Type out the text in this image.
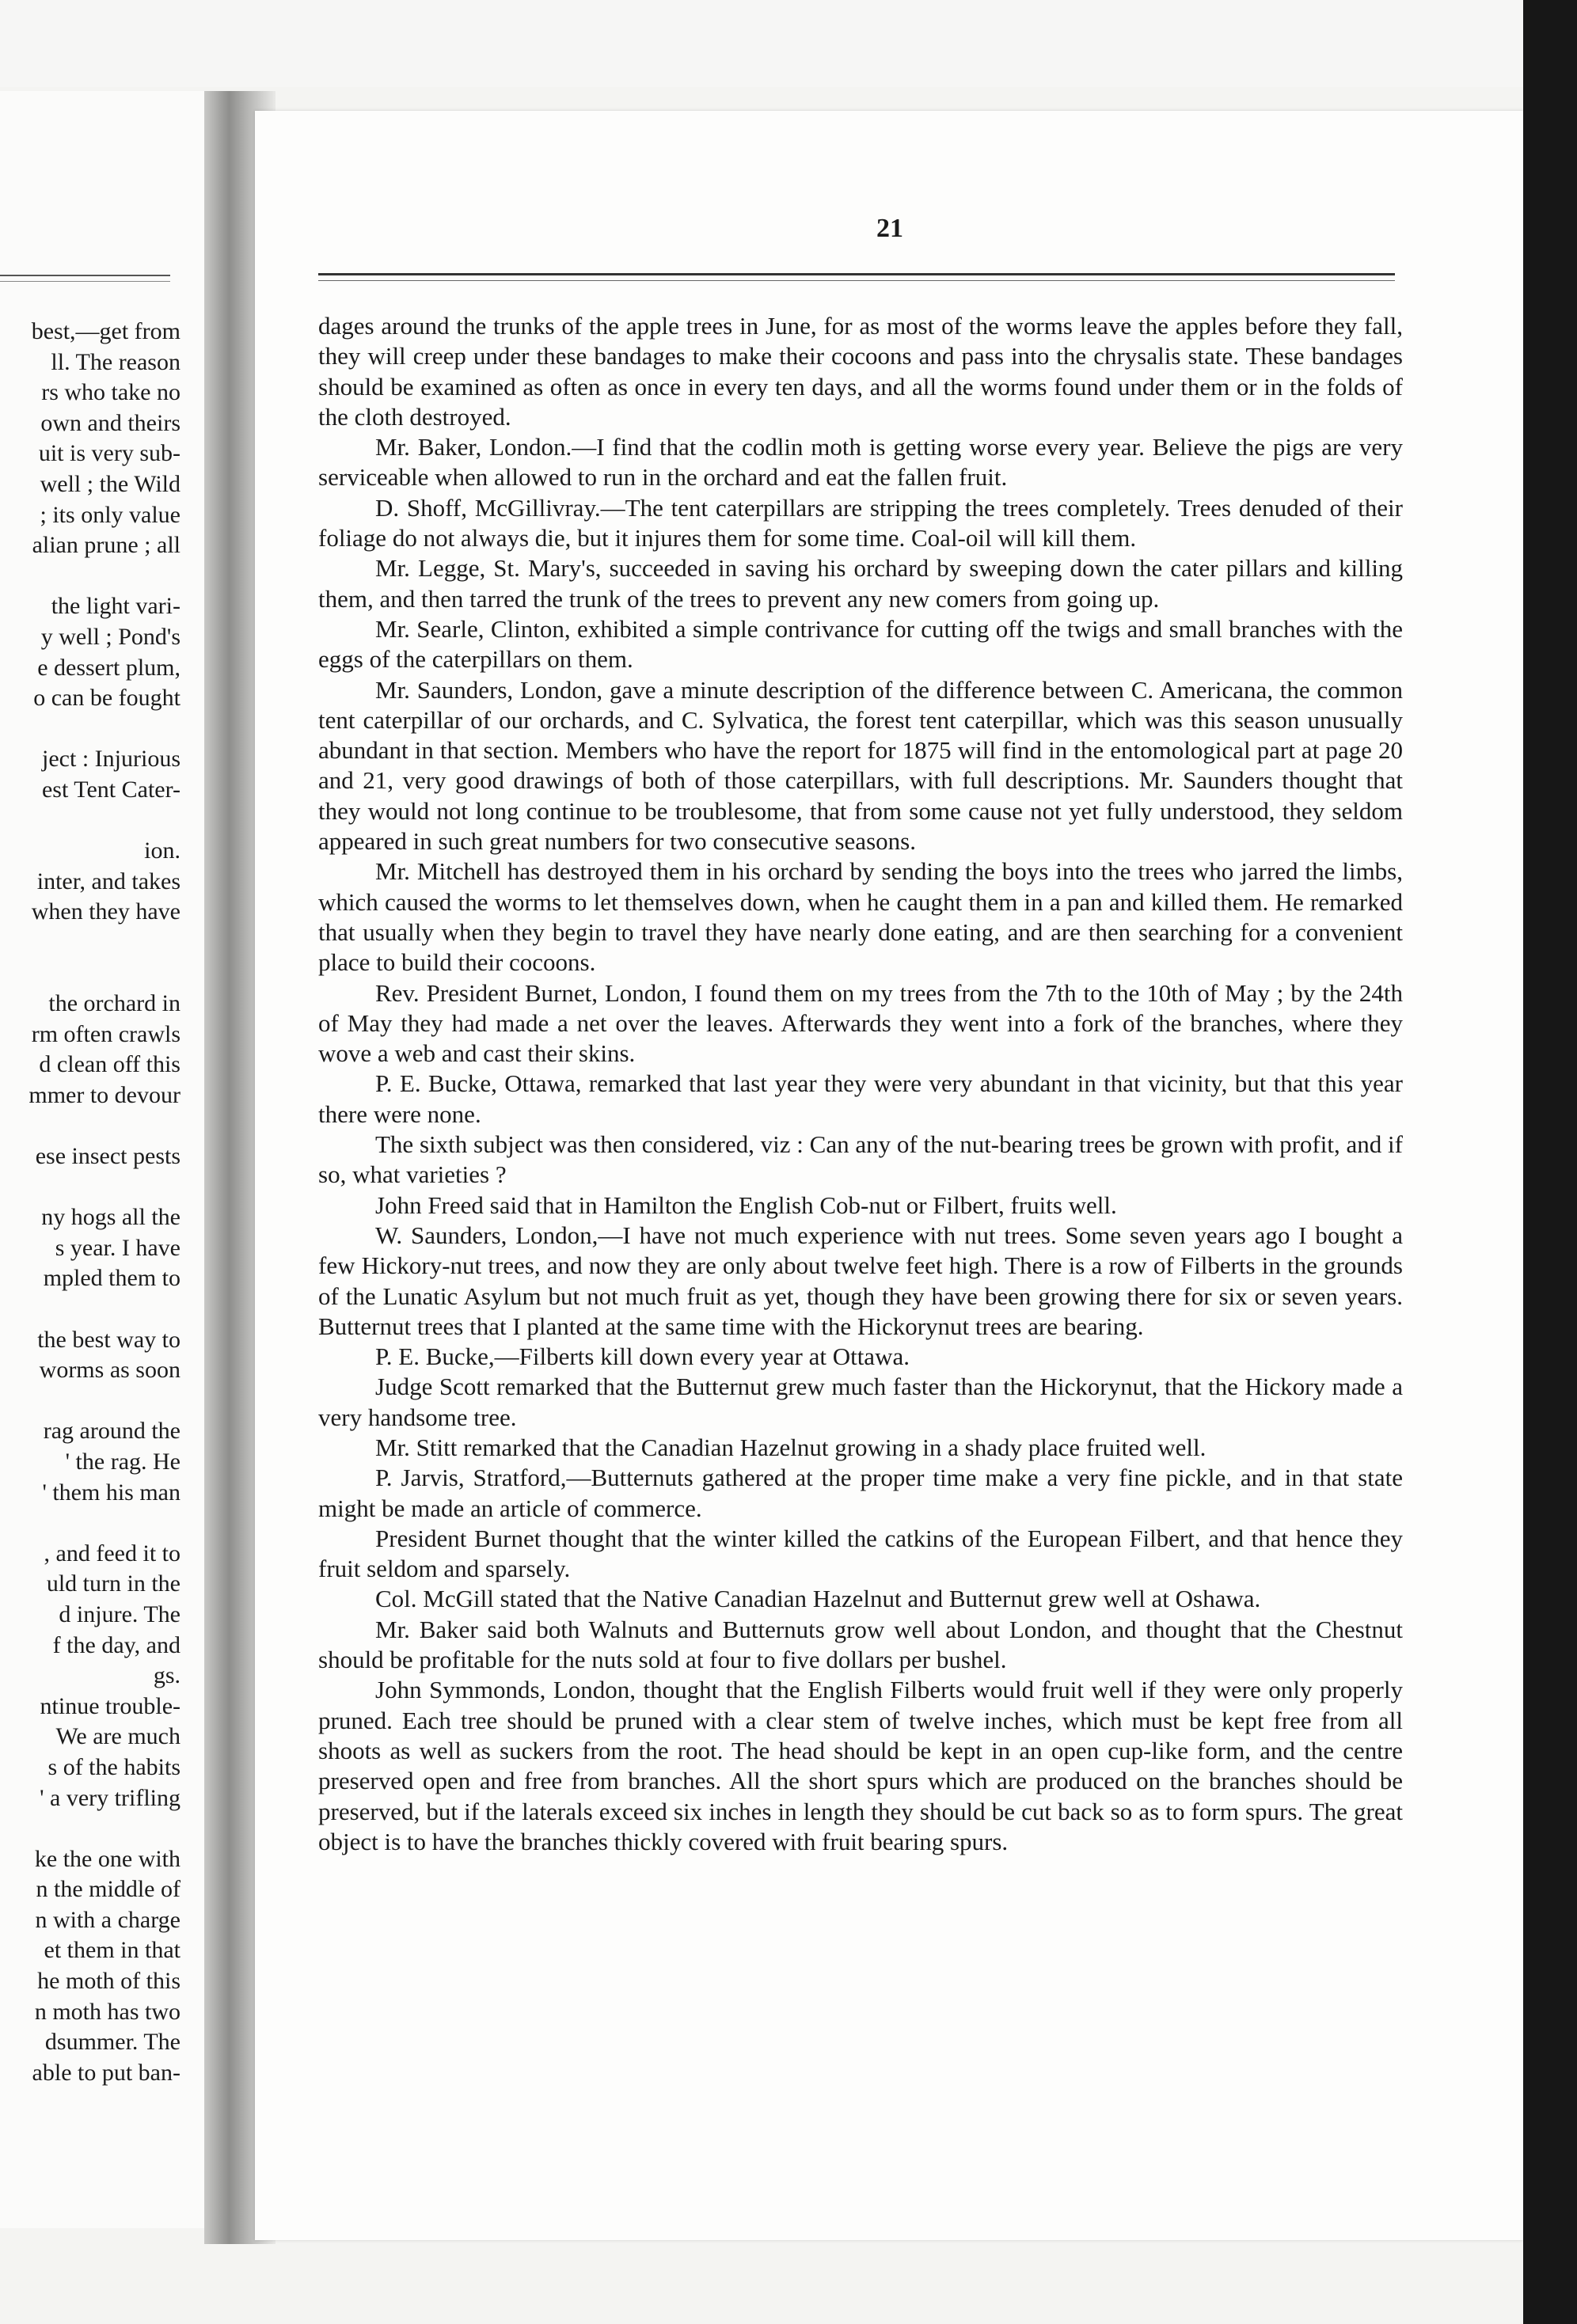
best,—get from
ll. The reason
rs who take no
own and theirs
uit is very sub-
well ; the Wild
; its only value
alian prune ; all
the light vari-
y well ; Pond's
e dessert plum,
o can be fought
ject : Injurious
est Tent Cater-
ion.
inter, and takes
when they have
the orchard in
rm often crawls
d clean off this
mmer to devour
ese insect pests
ny hogs all the
s year. I have
mpled them to
the best way to
worms as soon
rag around the
' the rag. He
' them his man
, and feed it to
uld turn in the
d injure. The
f the day, and
gs.
ntinue trouble-
We are much
s of the habits
' a very trifling
ke the one with
n the middle of
n with a charge
et them in that
he moth of this
n moth has two
dsummer. The
able to put ban-
21

dages around the trunks of the apple trees in June, for as most of the worms leave the apples before they fall, they will creep under these bandages to make their cocoons and pass into the chrysalis state. These bandages should be examined as often as once in every ten days, and all the worms found under them or in the folds of the cloth destroyed.

Mr. Baker, London.—I find that the codlin moth is getting worse every year. Believe the pigs are very serviceable when allowed to run in the orchard and eat the fallen fruit.

D. Shoff, McGillivray.—The tent caterpillars are stripping the trees completely. Trees denuded of their foliage do not always die, but it injures them for some time. Coal-oil will kill them.

Mr. Legge, St. Mary's, succeeded in saving his orchard by sweeping down the cater pillars and killing them, and then tarred the trunk of the trees to prevent any new comers from going up.

Mr. Searle, Clinton, exhibited a simple contrivance for cutting off the twigs and small branches with the eggs of the caterpillars on them.

Mr. Saunders, London, gave a minute description of the difference between C. Americana, the common tent caterpillar of our orchards, and C. Sylvatica, the forest tent caterpillar, which was this season unusually abundant in that section. Members who have the report for 1875 will find in the entomological part at page 20 and 21, very good drawings of both of those caterpillars, with full descriptions. Mr. Saunders thought that they would not long continue to be troublesome, that from some cause not yet fully understood, they seldom appeared in such great numbers for two consecutive seasons.

Mr. Mitchell has destroyed them in his orchard by sending the boys into the trees who jarred the limbs, which caused the worms to let themselves down, when he caught them in a pan and killed them. He remarked that usually when they begin to travel they have nearly done eating, and are then searching for a convenient place to build their cocoons.

Rev. President Burnet, London, I found them on my trees from the 7th to the 10th of May ; by the 24th of May they had made a net over the leaves. Afterwards they went into a fork of the branches, where they wove a web and cast their skins.

P. E. Bucke, Ottawa, remarked that last year they were very abundant in that vicinity, but that this year there were none.

The sixth subject was then considered, viz : Can any of the nut-bearing trees be grown with profit, and if so, what varieties ?

John Freed said that in Hamilton the English Cob-nut or Filbert, fruits well.

W. Saunders, London,—I have not much experience with nut trees. Some seven years ago I bought a few Hickory-nut trees, and now they are only about twelve feet high. There is a row of Filberts in the grounds of the Lunatic Asylum but not much fruit as yet, though they have been growing there for six or seven years. Butternut trees that I planted at the same time with the Hickorynut trees are bearing.

P. E. Bucke,—Filberts kill down every year at Ottawa.

Judge Scott remarked that the Butternut grew much faster than the Hickorynut, that the Hickory made a very handsome tree.

Mr. Stitt remarked that the Canadian Hazelnut growing in a shady place fruited well.

P. Jarvis, Stratford,—Butternuts gathered at the proper time make a very fine pickle, and in that state might be made an article of commerce.

President Burnet thought that the winter killed the catkins of the European Filbert, and that hence they fruit seldom and sparsely.

Col. McGill stated that the Native Canadian Hazelnut and Butternut grew well at Oshawa.

Mr. Baker said both Walnuts and Butternuts grow well about London, and thought that the Chestnut should be profitable for the nuts sold at four to five dollars per bushel.

John Symmonds, London, thought that the English Filberts would fruit well if they were only properly pruned. Each tree should be pruned with a clear stem of twelve inches, which must be kept free from all shoots as well as suckers from the root. The head should be kept in an open cup-like form, and the centre preserved open and free from branches. All the short spurs which are produced on the branches should be preserved, but if the laterals exceed six inches in length they should be cut back so as to form spurs. The great object is to have the branches thickly covered with fruit bearing spurs.
